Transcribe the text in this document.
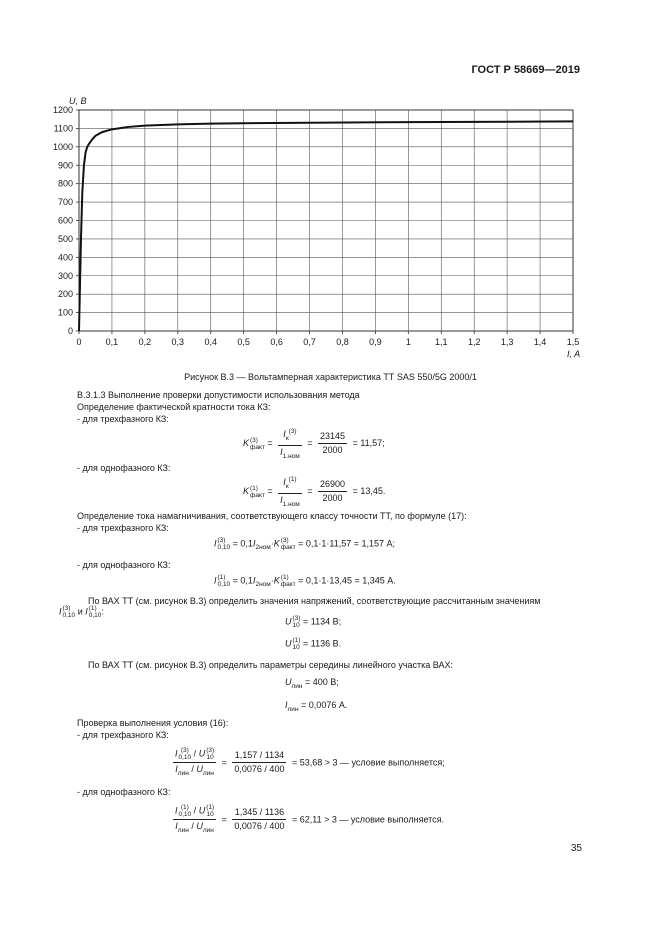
ГОСТ Р 58669—2019
0	0,1 0,2 0,3 0,4 0,5 0,6 0,7 0,8 0,9	1	1,1 1,2 1,3 1,4 1,5
0
100
200
300
400
500
600
700
800
900
1000
1100
1200
U, B
I, A
Рисунок В.3 — Вольтамперная характеристика ТТ SAS 550/5G 2000/1
В.3.1.3 Выполнение проверки допустимости использования метода
Определение фактической кратности тока КЗ:
- для трехфазного КЗ:
K (3)
факт = $\frac{I_к^{(3)}}{I_{1.ном}} = \frac{23145}{2000} = 11,57$;
- для однофазного КЗ:
K (1)
факт = $\frac{I_к^{(1)}}{I_{1.ном}} = \frac{26900}{2000} = 13,45$.
Определение тока намагничивания, соответствующего классу точности ТТ, по формуле (17):
- для трехфазного КЗ:
I (3)
$0,10 = 0,1I_{2ном}\cdot K$ (3)
факт = 0,1·1·11,57 = 1,157 А;
- для однофазного КЗ:
I (1)
$0,10 = 0,1I_{2ном}\cdot K$ (1)
факт = 0,1·1·13,45 = 1,345 А.
По ВАХ ТТ (см. рисунок В.3) определить значения напряжений, соответствующие рассчитанным значениям
I (3)
0,10 и I (1)
0,10 :
U (3)
10 = 1134 В;
U (1)
10 = 1136 В.
По ВАХ ТТ (см. рисунок В.3) определить параметры середины линейного участка ВАХ:
$U_{лин} = 400$ В;
$I_{лин} = 0,0076$ А.
Проверка выполнения условия (16):
- для трехфазного КЗ:
I (3)
0,10 / U (3)
10
$I_{лин} / U_{лин} = \frac{1,157 / 1134}{0,0076 / 400} = 53,68 > 3$ — условие выполняется;
- для однофазного КЗ:
I (1)
0,10 / U (1)
10
$I_{лин} / U_{лин} = \frac{1,345 / 1136}{0,0076 / 400} = 62,11 > 3$ — условие выполняется.
35
